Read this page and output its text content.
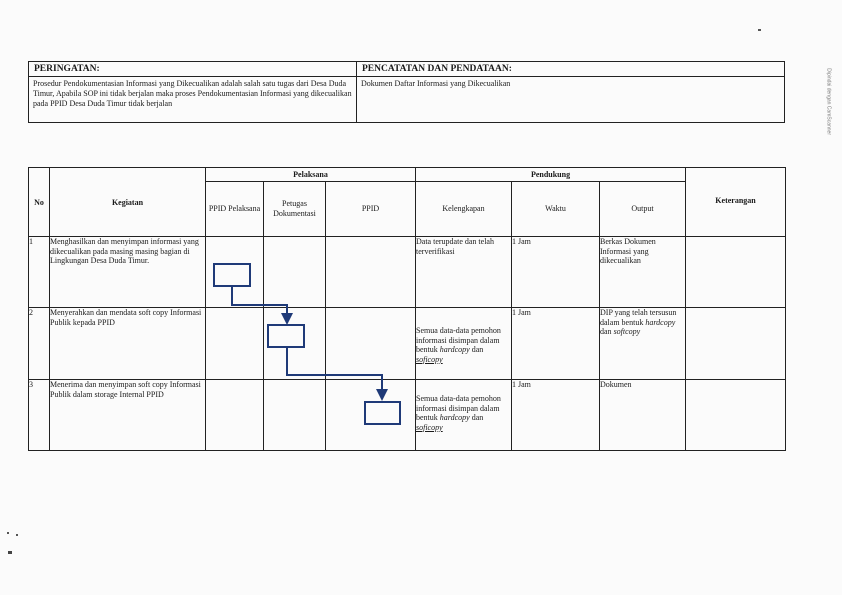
PERINGATAN:
Prosedur Pendokumentasian Informasi yang Dikecualikan adalah salah satu tugas dari Desa Duda Timur, Apabila SOP ini tidak berjalan maka proses Pendokumentasian Informasi yang dikecualikan pada PPID Desa Duda Timur tidak berjalan
PENCATATAN DAN PENDATAAN:
Dokumen Daftar Informasi yang Dikecualikan
No	Kegiatan	Pelaksana			Pendukung			Keterangan
		PPID Pelaksana	Petugas Dokumentasi	PPID	Kelengkapan	Waktu	Output	
1	Menghasilkan dan menyimpan informasi yang dikecualikan pada masing masing bagian di Lingkungan Desa Duda Timur.				Data terupdate dan telah terverifikasi	1 Jam	Berkas Dokumen Informasi yang dikecualikan	
2	Menyerahkan dan mendata soft copy Informasi Publik kepada PPID				Semua data-data pemohon informasi disimpan dalam bentuk hardcopy dan soficopy	1 Jam	DIP yang telah tersusun dalam bentuk hardcopy dan softcopy	
3	Menerima dan menyimpan soft copy Informasi Publik dalam storage Internal PPID				Semua data-data pemohon informasi disimpan dalam bentuk hardcopy dan soficopy	1 Jam	Dokumen	
Dipindai dengan CamScanner
